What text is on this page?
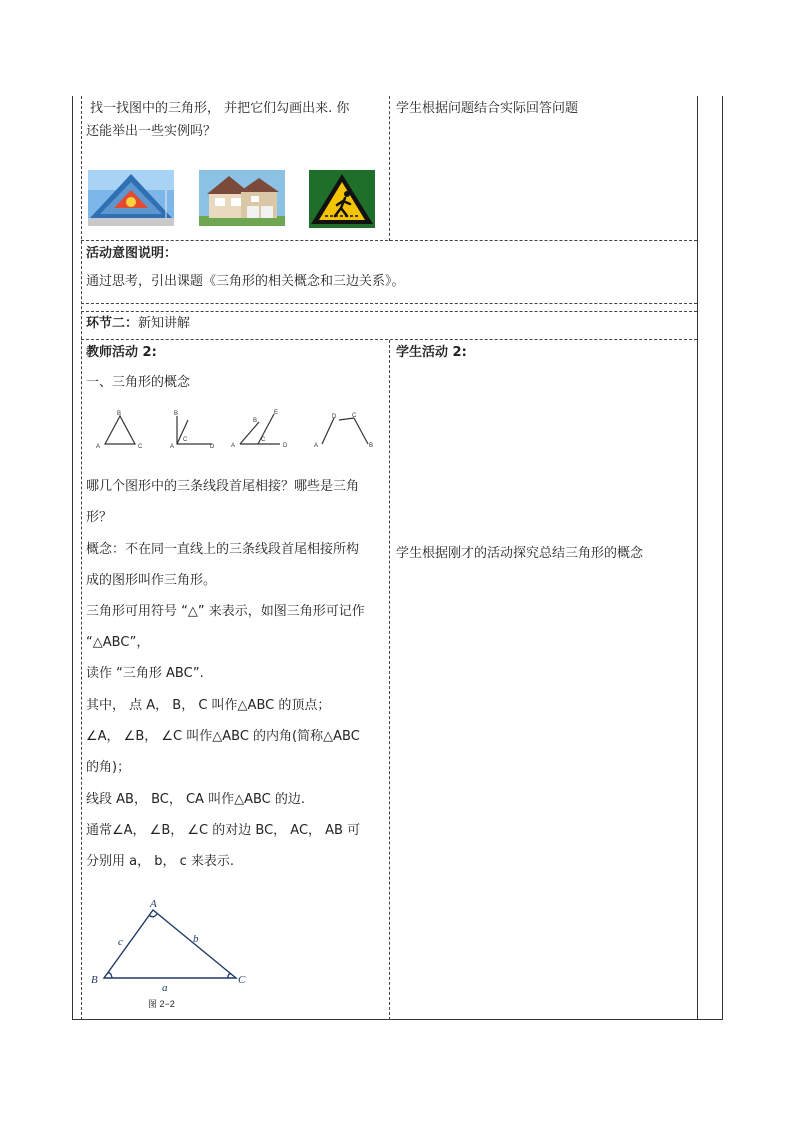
找一找图中的三角形， 并把它们勾画出来. 你
还能举出一些实例吗？
学生根据问题结合实际回答问题
活动意图说明：
通过思考，引出课题《三角形的相关概念和三边关系》。
环节二：新知讲解
教师活动 2:
一、三角形的概念
B
A	C
B
A
C
D
B
E
A
C
D
D	C
A	B
哪几个图形中的三条线段首尾相接？哪些是三角
形？
概念：不在同一直线上的三条线段首尾相接所构
成的图形叫作三角形。
三角形可用符号 “△” 来表示，如图三角形可记作
“△ABC”，
读作 “三角形 ABC”.
其中， 点 A， B， C 叫作△ABC 的顶点；
∠A， ∠B， ∠C 叫作△ABC 的内角(简称△ABC
的角)；
线段 AB， BC， CA 叫作△ABC 的边.
通常∠A， ∠B， ∠C 的对边 BC， AC， AB 可
分别用 a， b， c 来表示.
A
B	C
a
b
c
图 2−2
学生活动 2:
学生根据刚才的活动探究总结三角形的概念
